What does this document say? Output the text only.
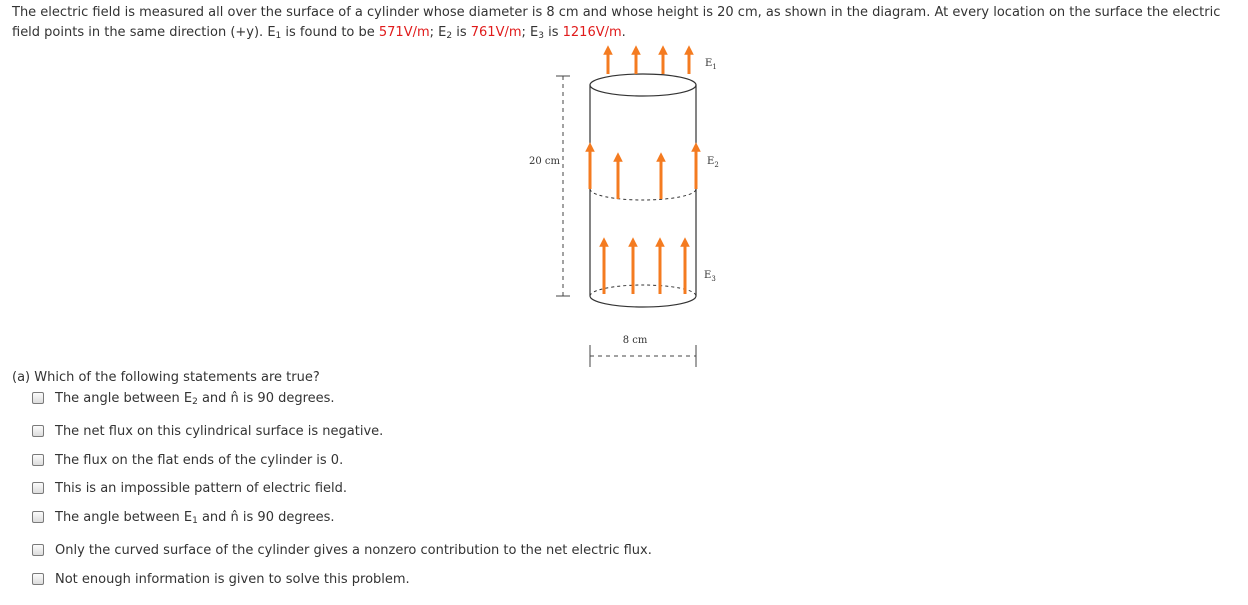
The electric field is measured all over the surface of a cylinder whose diameter is 8 cm and whose height is 20 cm, as shown in the diagram. At every location on the surface the electric field points in the same direction (+y). $E_1$ is found to be 571V/m; $E_2$ is 761V/m; $E_3$ is 1216V/m.

20 cm
8 cm
$E_1$
$E_2$
$E_3$

(a) Which of the following statements are true?

The angle between $E_2$ and n̂ is 90 degrees.
The net flux on this cylindrical surface is negative.
The flux on the flat ends of the cylinder is 0.
This is an impossible pattern of electric field.
The angle between $E_1$ and n̂ is 90 degrees.
Only the curved surface of the cylinder gives a nonzero contribution to the net electric flux.
Not enough information is given to solve this problem.
